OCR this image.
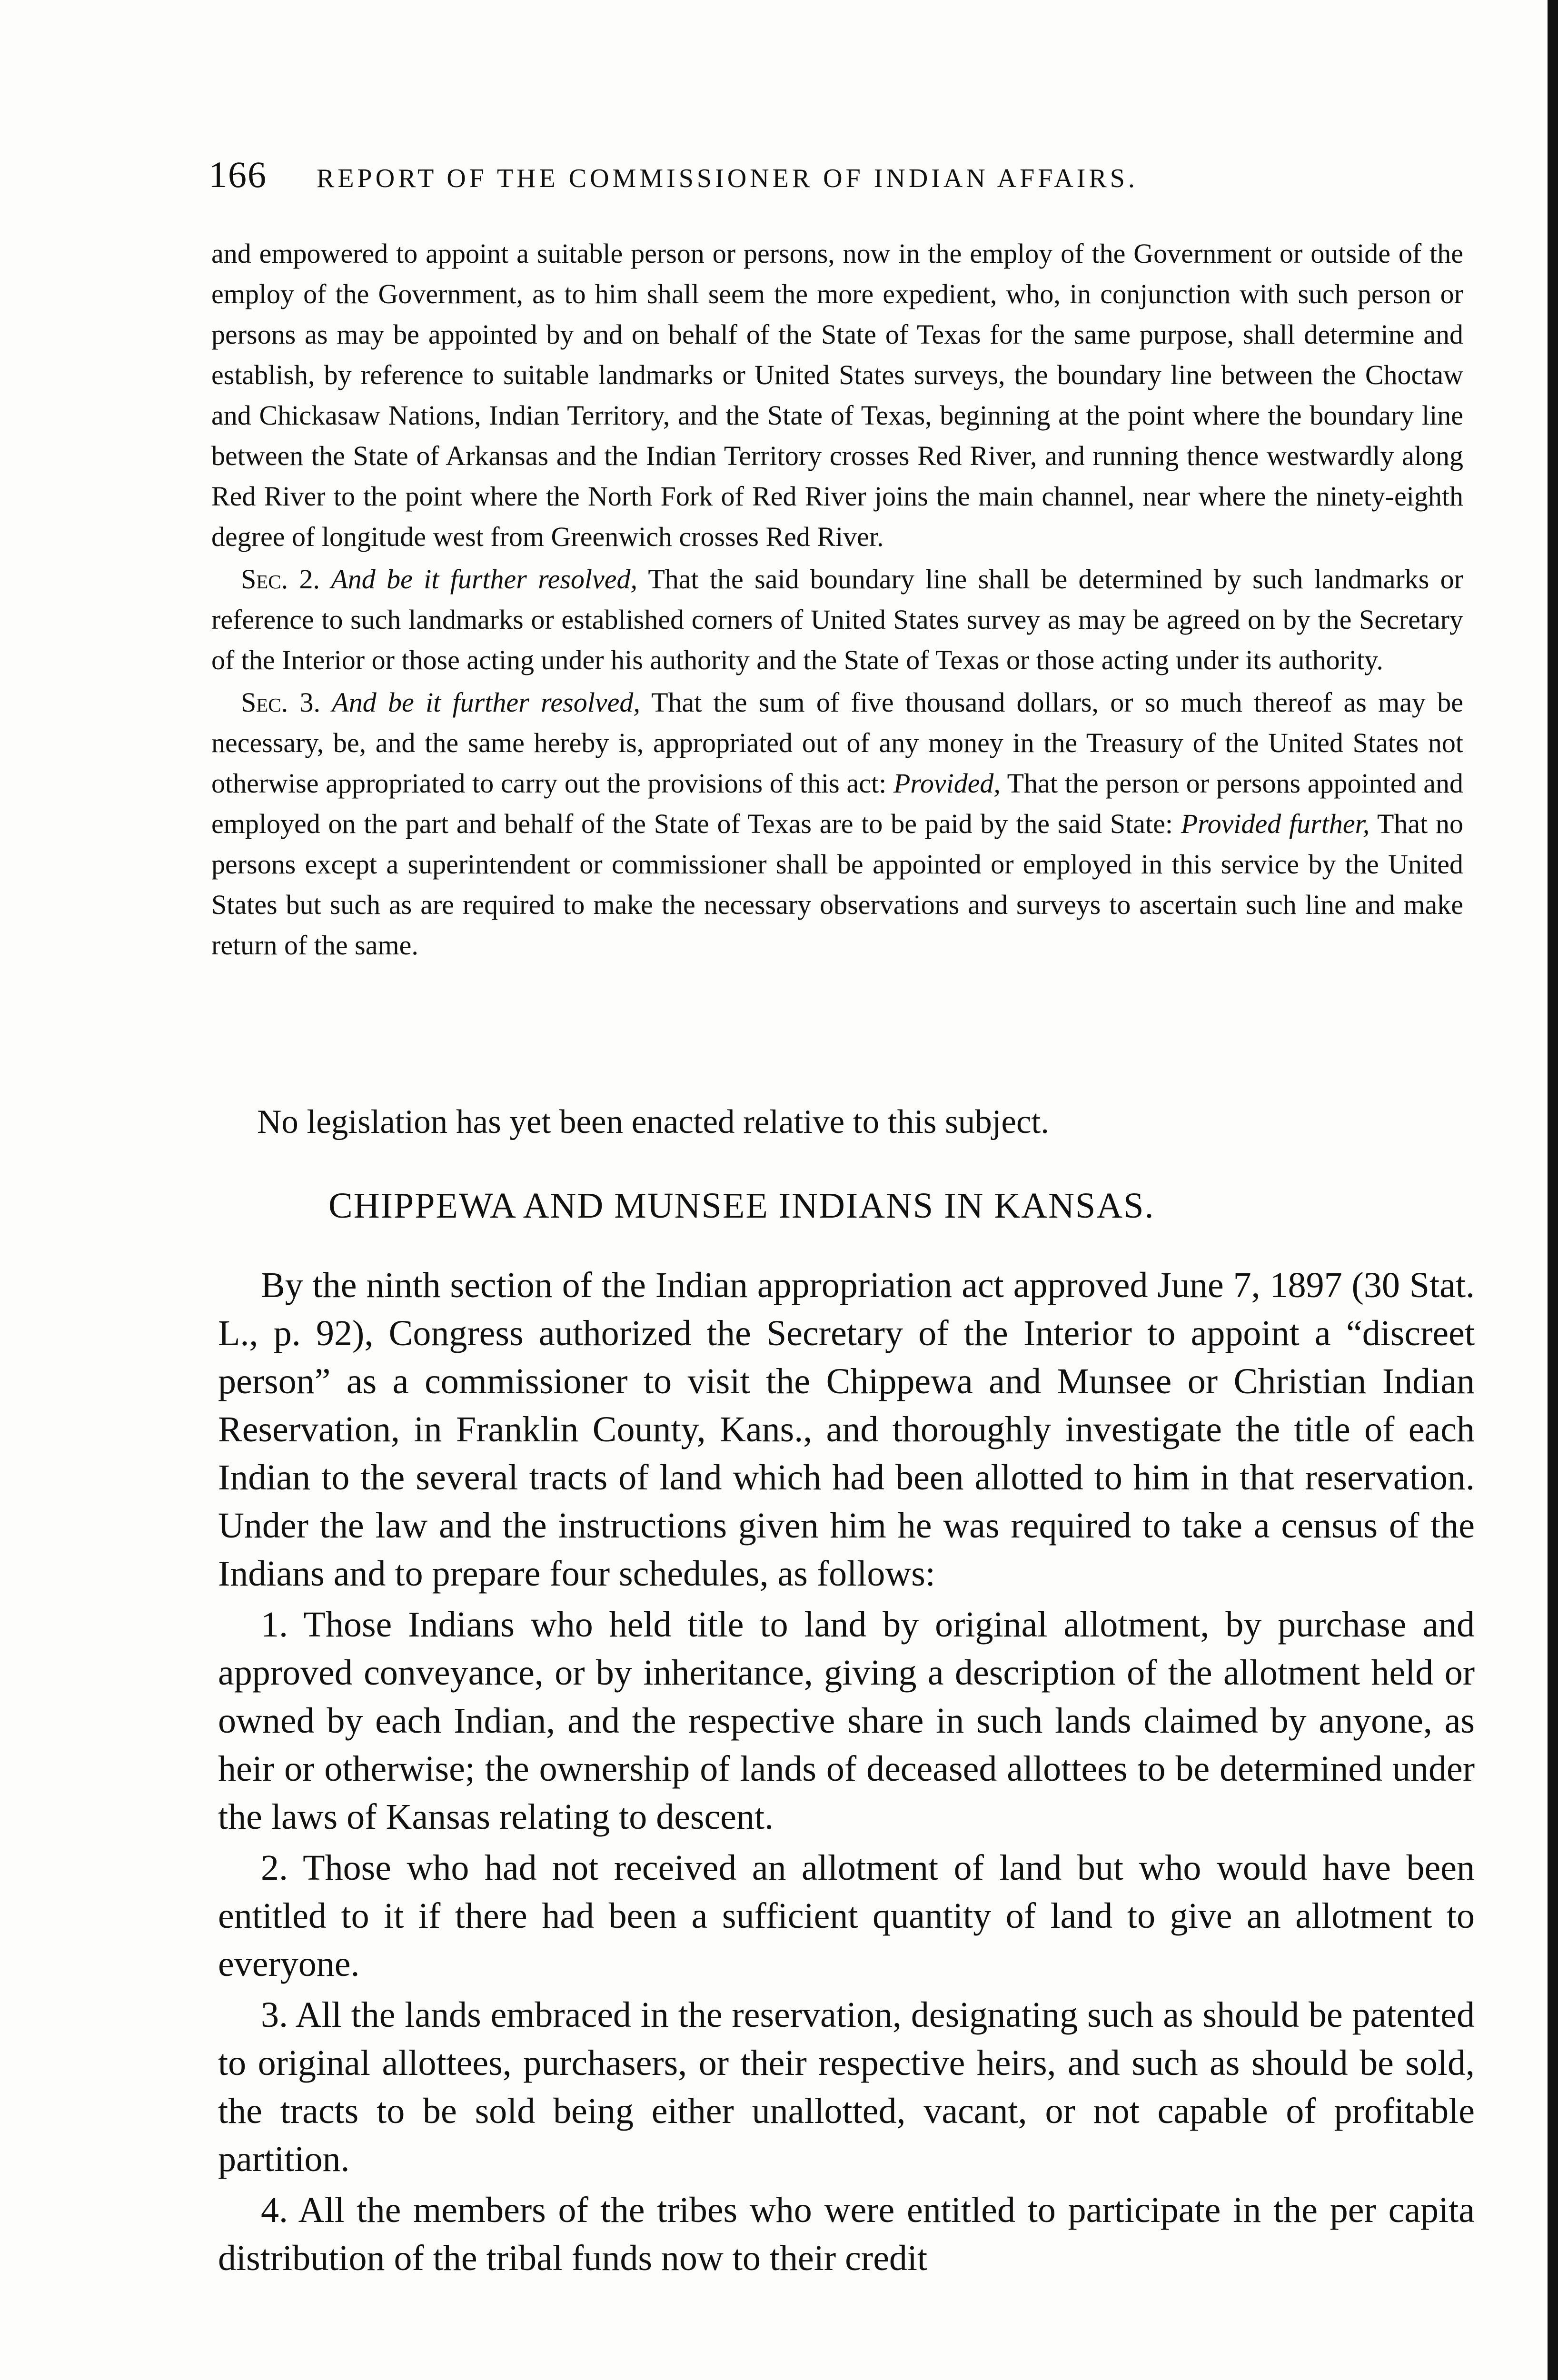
166 REPORT OF THE COMMISSIONER OF INDIAN AFFAIRS.

and empowered to appoint a suitable person or persons, now in the employ of the Government or outside of the employ of the Government, as to him shall seem the more expedient, who, in conjunction with such person or persons as may be appointed by and on behalf of the State of Texas for the same purpose, shall determine and establish, by reference to suitable landmarks or United States surveys, the boundary line between the Choctaw and Chickasaw Nations, Indian Territory, and the State of Texas, beginning at the point where the boundary line between the State of Arkansas and the Indian Territory crosses Red River, and running thence westwardly along Red River to the point where the North Fork of Red River joins the main channel, near where the ninety-eighth degree of longitude west from Greenwich crosses Red River.

Sec. 2. And be it further resolved, That the said boundary line shall be determined by such landmarks or reference to such landmarks or established corners of United States survey as may be agreed on by the Secretary of the Interior or those acting under his authority and the State of Texas or those acting under its authority.

Sec. 3. And be it further resolved, That the sum of five thousand dollars, or so much thereof as may be necessary, be, and the same hereby is, appropriated out of any money in the Treasury of the United States not otherwise appropriated to carry out the provisions of this act: Provided, That the person or persons appointed and employed on the part and behalf of the State of Texas are to be paid by the said State: Provided further, That no persons except a superintendent or commissioner shall be appointed or employed in this service by the United States but such as are required to make the necessary observations and surveys to ascertain such line and make return of the same.

No legislation has yet been enacted relative to this subject.

CHIPPEWA AND MUNSEE INDIANS IN KANSAS.

By the ninth section of the Indian appropriation act approved June 7, 1897 (30 Stat. L., p. 92), Congress authorized the Secretary of the Interior to appoint a “discreet person” as a commissioner to visit the Chippewa and Munsee or Christian Indian Reservation, in Franklin County, Kans., and thoroughly investigate the title of each Indian to the several tracts of land which had been allotted to him in that reservation. Under the law and the instructions given him he was required to take a census of the Indians and to prepare four schedules, as follows:

1. Those Indians who held title to land by original allotment, by purchase and approved conveyance, or by inheritance, giving a description of the allotment held or owned by each Indian, and the respective share in such lands claimed by anyone, as heir or otherwise; the ownership of lands of deceased allottees to be determined under the laws of Kansas relating to descent.

2. Those who had not received an allotment of land but who would have been entitled to it if there had been a sufficient quantity of land to give an allotment to everyone.

3. All the lands embraced in the reservation, designating such as should be patented to original allottees, purchasers, or their respective heirs, and such as should be sold, the tracts to be sold being either unallotted, vacant, or not capable of profitable partition.

4. All the members of the tribes who were entitled to participate in the per capita distribution of the tribal funds now to their credit
